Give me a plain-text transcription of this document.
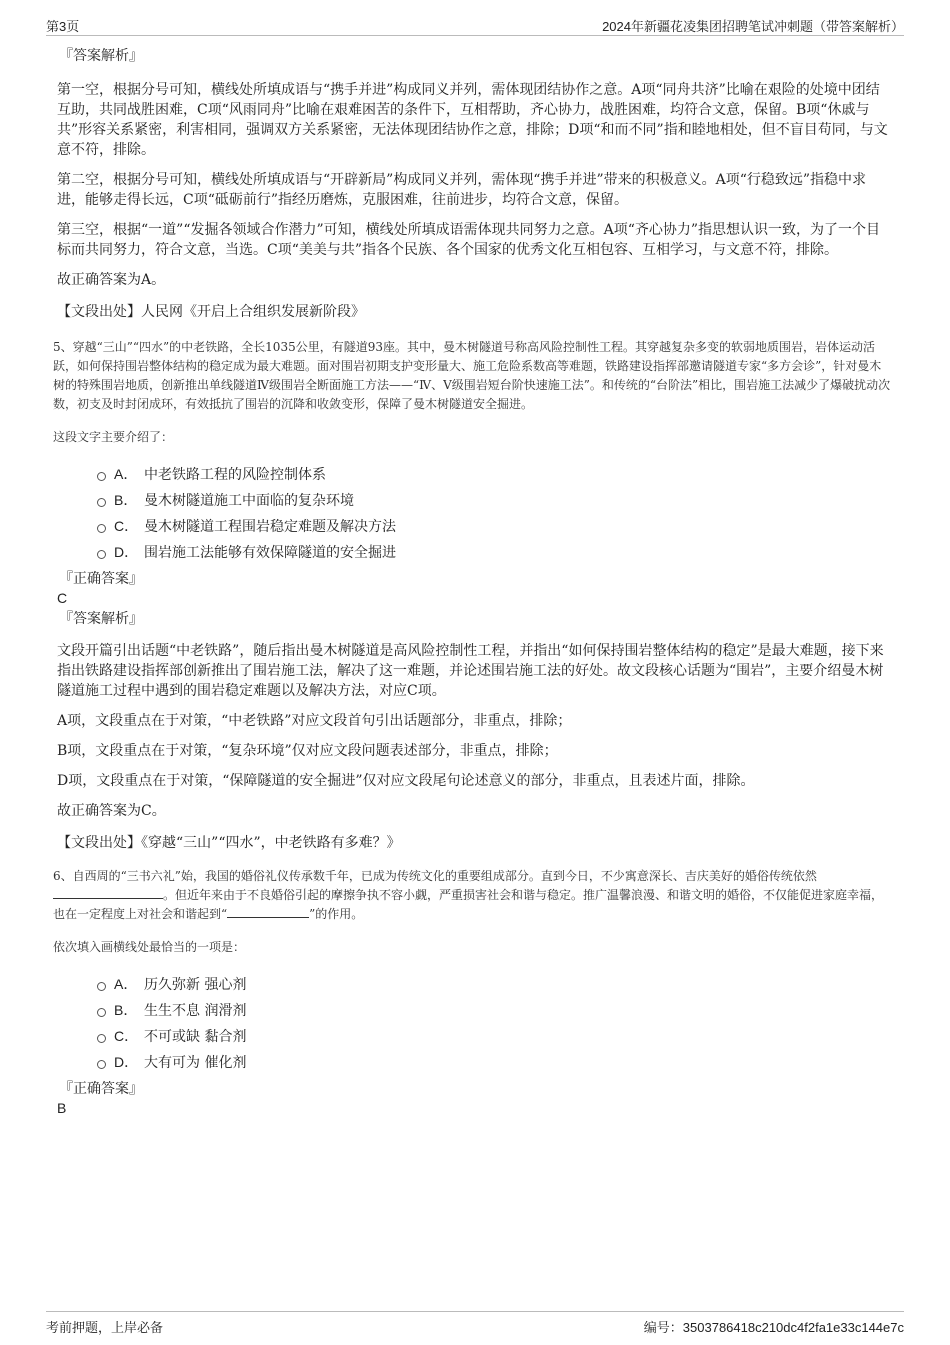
第3页	2024年新疆花凌集团招聘笔试冲刺题（带答案解析）

『答案解析』

第一空，根据分号可知，横线处所填成语与“携手并进”构成同义并列，需体现团结协作之意。A项“同舟共济”比喻在艰险的处境中团结互助，共同战胜困难，C项“风雨同舟”比喻在艰难困苦的条件下，互相帮助，齐心协力，战胜困难，均符合文意，保留。B项“休戚与共”形容关系紧密，利害相同，强调双方关系紧密，无法体现团结协作之意，排除；D项“和而不同”指和睦地相处，但不盲目苟同，与文意不符，排除。

第二空，根据分号可知，横线处所填成语与“开辟新局”构成同义并列，需体现“携手并进”带来的积极意义。A项“行稳致远”指稳中求进，能够走得长远，C项“砥砺前行”指经历磨炼，克服困难，往前进步，均符合文意，保留。

第三空，根据“一道”“发掘各领域合作潜力”可知，横线处所填成语需体现共同努力之意。A项“齐心协力”指思想认识一致，为了一个目标而共同努力，符合文意，当选。C项“美美与共”指各个民族、各个国家的优秀文化互相包容、互相学习，与文意不符，排除。

故正确答案为A。

【文段出处】人民网《开启上合组织发展新阶段》

5、穿越“三山”“四水”的中老铁路，全长1035公里，有隧道93座。其中，曼木树隧道号称高风险控制性工程。其穿越复杂多变的软弱地质围岩，岩体运动活跃，如何保持围岩整体结构的稳定成为最大难题。面对围岩初期支护变形量大、施工危险系数高等难题，铁路建设指挥部邀请隧道专家“多方会诊”，针对曼木树的特殊围岩地质，创新推出单线隧道Ⅳ级围岩全断面施工方法——“Ⅳ、Ⅴ级围岩短台阶快速施工法”。和传统的“台阶法”相比，围岩施工法减少了爆破扰动次数，初支及时封闭成环，有效抵抗了围岩的沉降和收敛变形，保障了曼木树隧道安全掘进。

这段文字主要介绍了：

A． 中老铁路工程的风险控制体系
B． 曼木树隧道施工中面临的复杂环境
C． 曼木树隧道工程围岩稳定难题及解决方法
D． 围岩施工法能够有效保障隧道的安全掘进

『正确答案』

C

『答案解析』

文段开篇引出话题“中老铁路”，随后指出曼木树隧道是高风险控制性工程，并指出“如何保持围岩整体结构的稳定”是最大难题，接下来指出铁路建设指挥部创新推出了围岩施工法，解决了这一难题，并论述围岩施工法的好处。故文段核心话题为“围岩”，主要介绍曼木树隧道施工过程中遇到的围岩稳定难题以及解决方法，对应C项。

A项，文段重点在于对策，“中老铁路”对应文段首句引出话题部分，非重点，排除；

B项，文段重点在于对策，“复杂环境”仅对应文段问题表述部分，非重点，排除；

D项，文段重点在于对策，“保障隧道的安全掘进”仅对应文段尾句论述意义的部分，非重点，且表述片面，排除。

故正确答案为C。

【文段出处】《穿越“三山”“四水”，中老铁路有多难？》

6、自西周的“三书六礼”始，我国的婚俗礼仪传承数千年，已成为传统文化的重要组成部分。直到今日，不少寓意深长、吉庆美好的婚俗传统依然。但近年来由于不良婚俗引起的摩擦争执不容小觑，严重损害社会和谐与稳定。推广温馨浪漫、和谐文明的婚俗，不仅能促进家庭幸福，也在一定程度上对社会和谐起到“	”的作用。

依次填入画横线处最恰当的一项是：

A． 历久弥新 强心剂
B． 生生不息 润滑剂
C． 不可或缺 黏合剂
D． 大有可为 催化剂

『正确答案』

B

考前押题，上岸必备	编号：3503786418c210dc4f2fa1e33c144e7c
